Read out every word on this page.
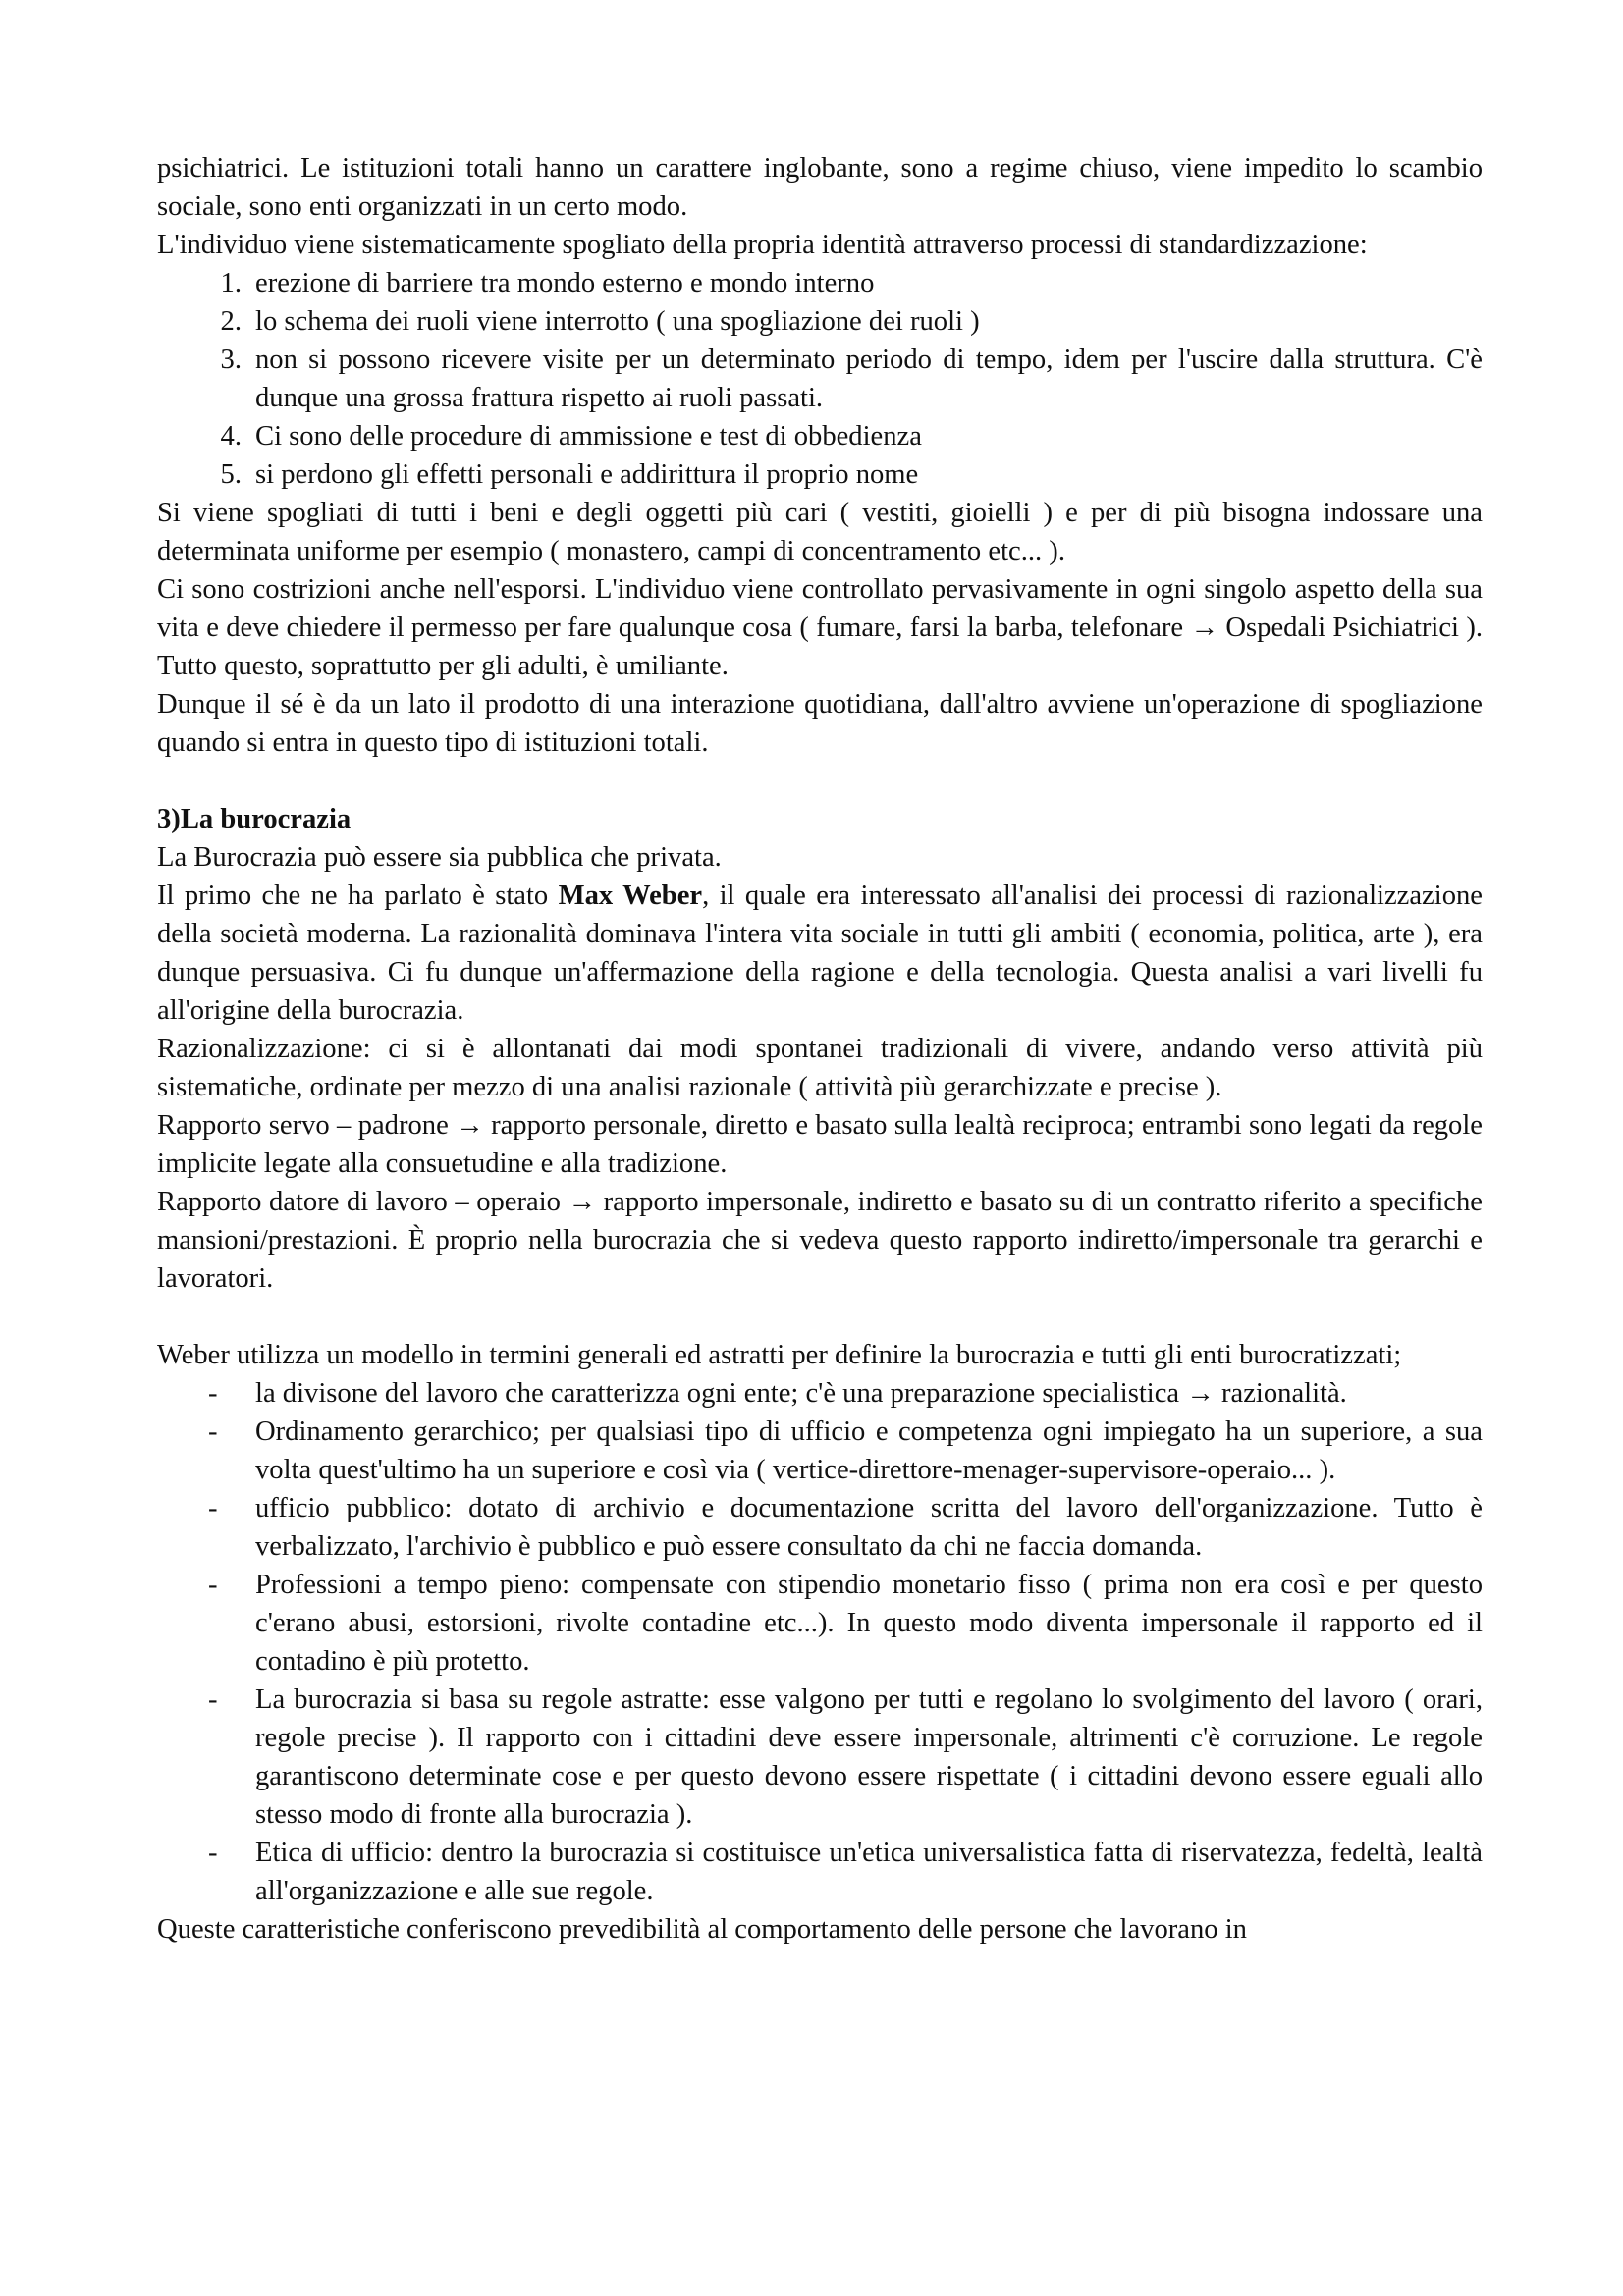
psichiatrici. Le istituzioni totali hanno un carattere inglobante, sono a regime chiuso, viene impedito lo scambio sociale, sono enti organizzati in un certo modo.

L'individuo viene sistematicamente spogliato della propria identità attraverso processi di standardizzazione:

1. erezione di barriere tra mondo esterno e mondo interno
2. lo schema dei ruoli viene interrotto ( una spogliazione dei ruoli )
3. non si possono ricevere visite per un determinato periodo di tempo, idem per l'uscire dalla struttura. C'è dunque una grossa frattura rispetto ai ruoli passati.
4. Ci sono delle procedure di ammissione e test di obbedienza
5. si perdono gli effetti personali e addirittura il proprio nome

Si viene spogliati di tutti i beni e degli oggetti più cari ( vestiti, gioielli ) e per di più bisogna indossare una determinata uniforme per esempio ( monastero, campi di concentramento etc... ).

Ci sono costrizioni anche nell'esporsi. L'individuo viene controllato pervasivamente in ogni singolo aspetto della sua vita e deve chiedere il permesso per fare qualunque cosa ( fumare, farsi la barba, telefonare → Ospedali Psichiatrici ). Tutto questo, soprattutto per gli adulti, è umiliante.

Dunque il sé è da un lato il prodotto di una interazione quotidiana, dall'altro avviene un'operazione di spogliazione quando si entra in questo tipo di istituzioni totali.

3)La burocrazia

La Burocrazia può essere sia pubblica che privata.

Il primo che ne ha parlato è stato Max Weber, il quale era interessato all'analisi dei processi di razionalizzazione della società moderna. La razionalità dominava l'intera vita sociale in tutti gli ambiti ( economia, politica, arte ), era dunque persuasiva. Ci fu dunque un'affermazione della ragione e della tecnologia. Questa analisi a vari livelli fu all'origine della burocrazia.

Razionalizzazione: ci si è allontanati dai modi spontanei tradizionali di vivere, andando verso attività più sistematiche, ordinate per mezzo di una analisi razionale ( attività più gerarchizzate e precise ).

Rapporto servo – padrone → rapporto personale, diretto e basato sulla lealtà reciproca; entrambi sono legati da regole implicite legate alla consuetudine e alla tradizione.

Rapporto datore di lavoro – operaio → rapporto impersonale, indiretto e basato su di un contratto riferito a specifiche mansioni/prestazioni. È proprio nella burocrazia che si vedeva questo rapporto indiretto/impersonale tra gerarchi e lavoratori.

Weber utilizza un modello in termini generali ed astratti per definire la burocrazia e tutti gli enti burocratizzati;

-	la divisone del lavoro che caratterizza ogni ente; c'è una preparazione specialistica → razionalità.
-	Ordinamento gerarchico; per qualsiasi tipo di ufficio e competenza ogni impiegato ha un superiore, a sua volta quest'ultimo ha un superiore e così via ( vertice-direttore-menager-supervisore-operaio... ).
-	ufficio pubblico: dotato di archivio e documentazione scritta del lavoro dell'organizzazione. Tutto è verbalizzato, l'archivio è pubblico e può essere consultato da chi ne faccia domanda.
-	Professioni a tempo pieno: compensate con stipendio monetario fisso ( prima non era così e per questo c'erano abusi, estorsioni, rivolte contadine etc...). In questo modo diventa impersonale il rapporto ed il contadino è più protetto.
-	La burocrazia si basa su regole astratte: esse valgono per tutti e regolano lo svolgimento del lavoro ( orari, regole precise ). Il rapporto con i cittadini deve essere impersonale, altrimenti c'è corruzione. Le regole garantiscono determinate cose e per questo devono essere rispettate ( i cittadini devono essere eguali allo stesso modo di fronte alla burocrazia ).
-	Etica di ufficio: dentro la burocrazia si costituisce un'etica universalistica fatta di riservatezza, fedeltà, lealtà all'organizzazione e alle sue regole.

Queste caratteristiche conferiscono prevedibilità al comportamento delle persone che lavorano in
